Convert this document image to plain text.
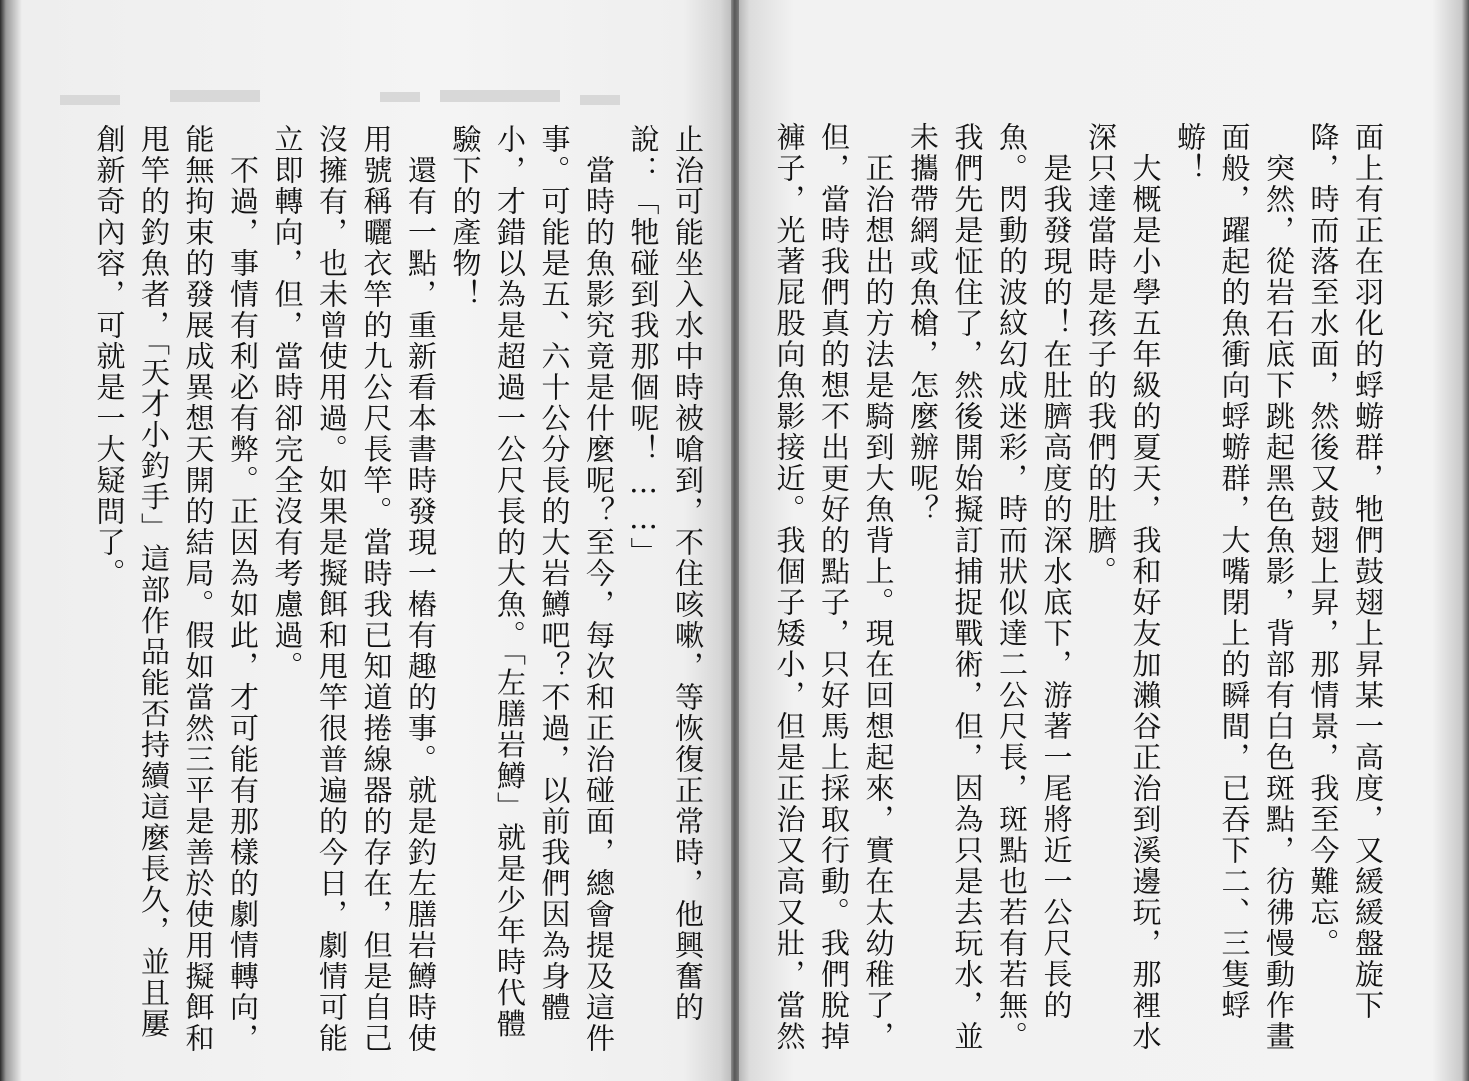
止治可能坐入水中時被嗆到，不住咳嗽，等恢復正常時，他興奮的說：「牠碰到我那個呢！……」

　當時的魚影究竟是什麼呢？至今，每次和正治碰面，總會提及這件事。可能是五、六十公分長的大岩鱒吧？不過，以前我們因為身體小，才錯以為是超過一公尺長的大魚。「左膳岩鱒」就是少年時代體驗下的產物！

　還有一點，重新看本書時發現一樁有趣的事。就是釣左膳岩鱒時使用號稱曬衣竿的九公尺長竿。當時我已知道捲線器的存在，但是自己沒擁有，也未曾使用過。如果是擬餌和甩竿很普遍的今日，劇情可能立即轉向，但，當時卻完全沒有考慮過。

　不過，事情有利必有弊。正因為如此，才可能有那樣的劇情轉向，能無拘束的發展成異想天開的結局。假如當然三平是善於使用擬餌和甩竿的釣魚者，「天才小釣手」這部作品能否持續這麼長久，並且屢創新奇內容，可就是一大疑問了。	面上有正在羽化的蜉蝣群，牠們鼓翅上昇某一高度，又緩緩盤旋下降，時而落至水面，然後又鼓翅上昇，那情景，我至今難忘。

　突然，從岩石底下跳起黑色魚影，背部有白色斑點，彷彿慢動作畫面般，躍起的魚衝向蜉蝣群，大嘴閉上的瞬間，已吞下二、三隻蜉蝣！

　大概是小學五年級的夏天，我和好友加瀨谷正治到溪邊玩，那裡水深只達當時是孩子的我們的肚臍。

　是我發現的！在肚臍高度的深水底下，游著一尾將近一公尺長的魚。閃動的波紋幻成迷彩，時而狀似達二公尺長，斑點也若有若無。我們先是怔住了，然後開始擬訂捕捉戰術，但，因為只是去玩水，並未攜帶網或魚槍，怎麼辦呢？

　正治想出的方法是騎到大魚背上。現在回想起來，實在太幼稚了，但，當時我們真的想不出更好的點子，只好馬上採取行動。我們脫掉褲子，光著屁股向魚影接近。我個子矮小，但是正治又高又壯，當然
